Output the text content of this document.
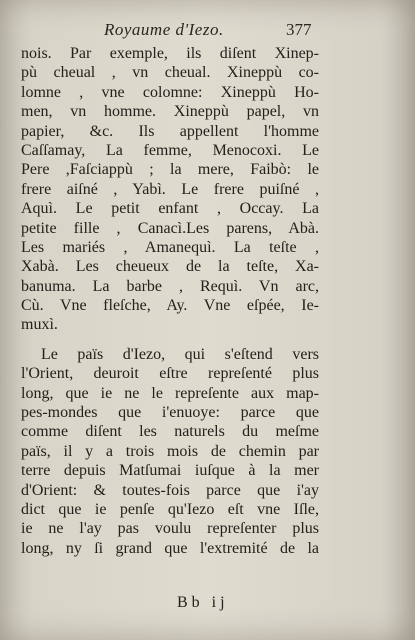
Royaume d'Iezo.	377
nois. Par exemple, ils diſent Xinep-
pù cheual , vn cheual. Xineppù co-
lomne , vne colomne: Xineppù Ho-
men, vn homme. Xineppù papel, vn
papier, &c. Ils appellent l'homme
Caſſamay, La femme, Menocoxi. Le
Pere ,Faſciappù ; la mere, Faibò: le
frere aiſné , Yabì. Le frere puiſné ,
Aquì. Le petit enfant , Occay. La
petite fille , Canacì.Les parens, Abà.
Les mariés , Amanequì. La teſte ,
Xabà. Les cheueux de la teſte, Xa-
banuma. La barbe , Requì. Vn arc,
Cù. Vne fleſche, Ay. Vne eſpée, Ie-
muxì.
Le païs d'Iezo, qui s'eſtend vers
l'Orient, deuroit eſtre repreſenté plus
long, que ie ne le repreſente aux map-
pes-mondes que i'enuoye: parce que
comme diſent les naturels du meſme
païs, il y a trois mois de chemin par
terre depuis Matſumai iuſque à la mer
d'Orient: & toutes-fois parce que i'ay
dict que ie penſe qu'Iezo eſt vne Iſle,
ie ne l'ay pas voulu repreſenter plus
long, ny ſi grand que l'extremité de la
Bb ij
